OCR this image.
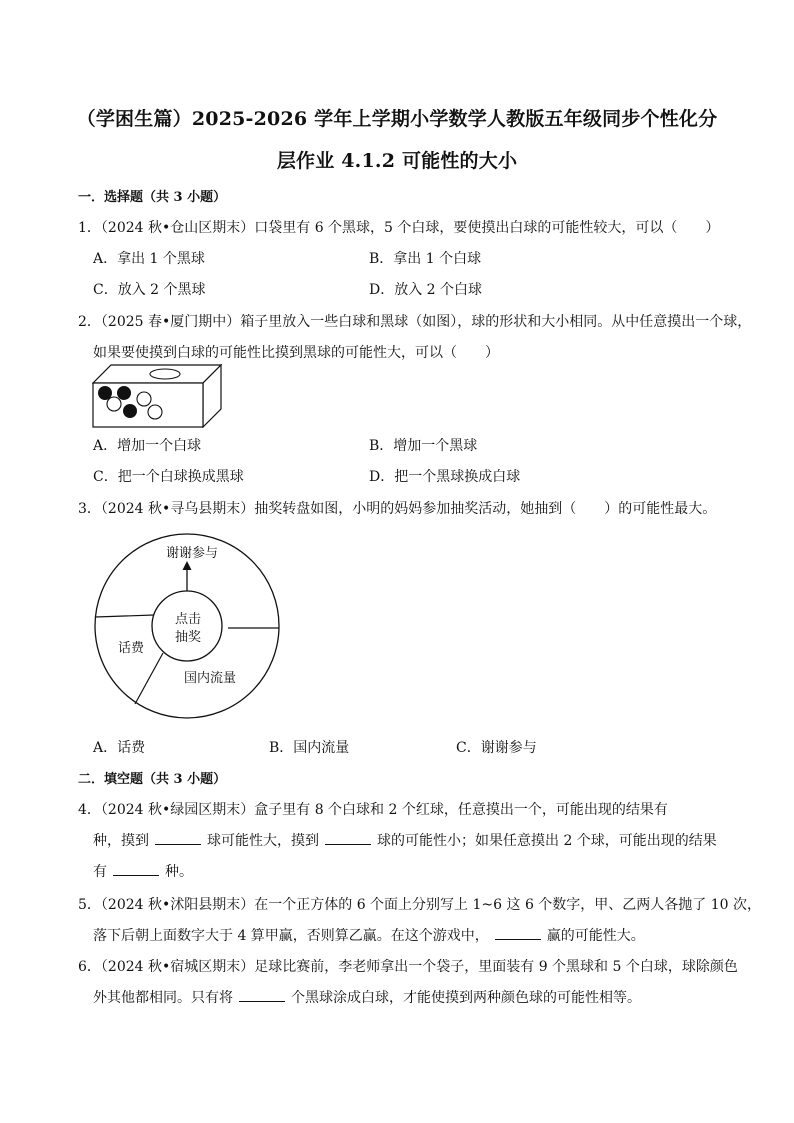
（学困生篇）2025-2026 学年上学期小学数学人教版五年级同步个性化分
层作业 4.1.2 可能性的大小
一．选择题（共 3 小题）
1．（2024 秋•仓山区期末）口袋里有 6 个黑球，5 个白球，要使摸出白球的可能性较大，可以（　　）
A．拿出 1 个黑球	B．拿出 1 个白球
C．放入 2 个黑球	D．放入 2 个白球
2．（2025 春•厦门期中）箱子里放入一些白球和黑球（如图），球的形状和大小相同。从中任意摸出一个球，
如果要使摸到白球的可能性比摸到黑球的可能性大，可以（　　）
A．增加一个白球	B．增加一个黑球
C．把一个白球换成黑球	D．把一个黑球换成白球
3．（2024 秋•寻乌县期末）抽奖转盘如图，小明的妈妈参加抽奖活动，她抽到（　　）的可能性最大。
谢谢参与
话费
国内流量
点击
抽奖
A．话费	B．国内流量	C．谢谢参与
二．填空题（共 3 小题）
4．（2024 秋•绿园区期末）盒子里有 8 个白球和 2 个红球，任意摸出一个，可能出现的结果有
种，摸到	球可能性大，摸到	球的可能性小；如果任意摸出 2 个球，可能出现的结果
有	种。
5．（2024 秋•沭阳县期末）在一个正方体的 6 个面上分别写上 1~6 这 6 个数字，甲、乙两人各抛了 10 次，
落下后朝上面数字大于 4 算甲赢，否则算乙赢。在这个游戏中，	赢的可能性大。
6．（2024 秋•宿城区期末）足球比赛前，李老师拿出一个袋子，里面装有 9 个黑球和 5 个白球，球除颜色
外其他都相同。只有将	个黑球涂成白球，才能使摸到两种颜色球的可能性相等。
